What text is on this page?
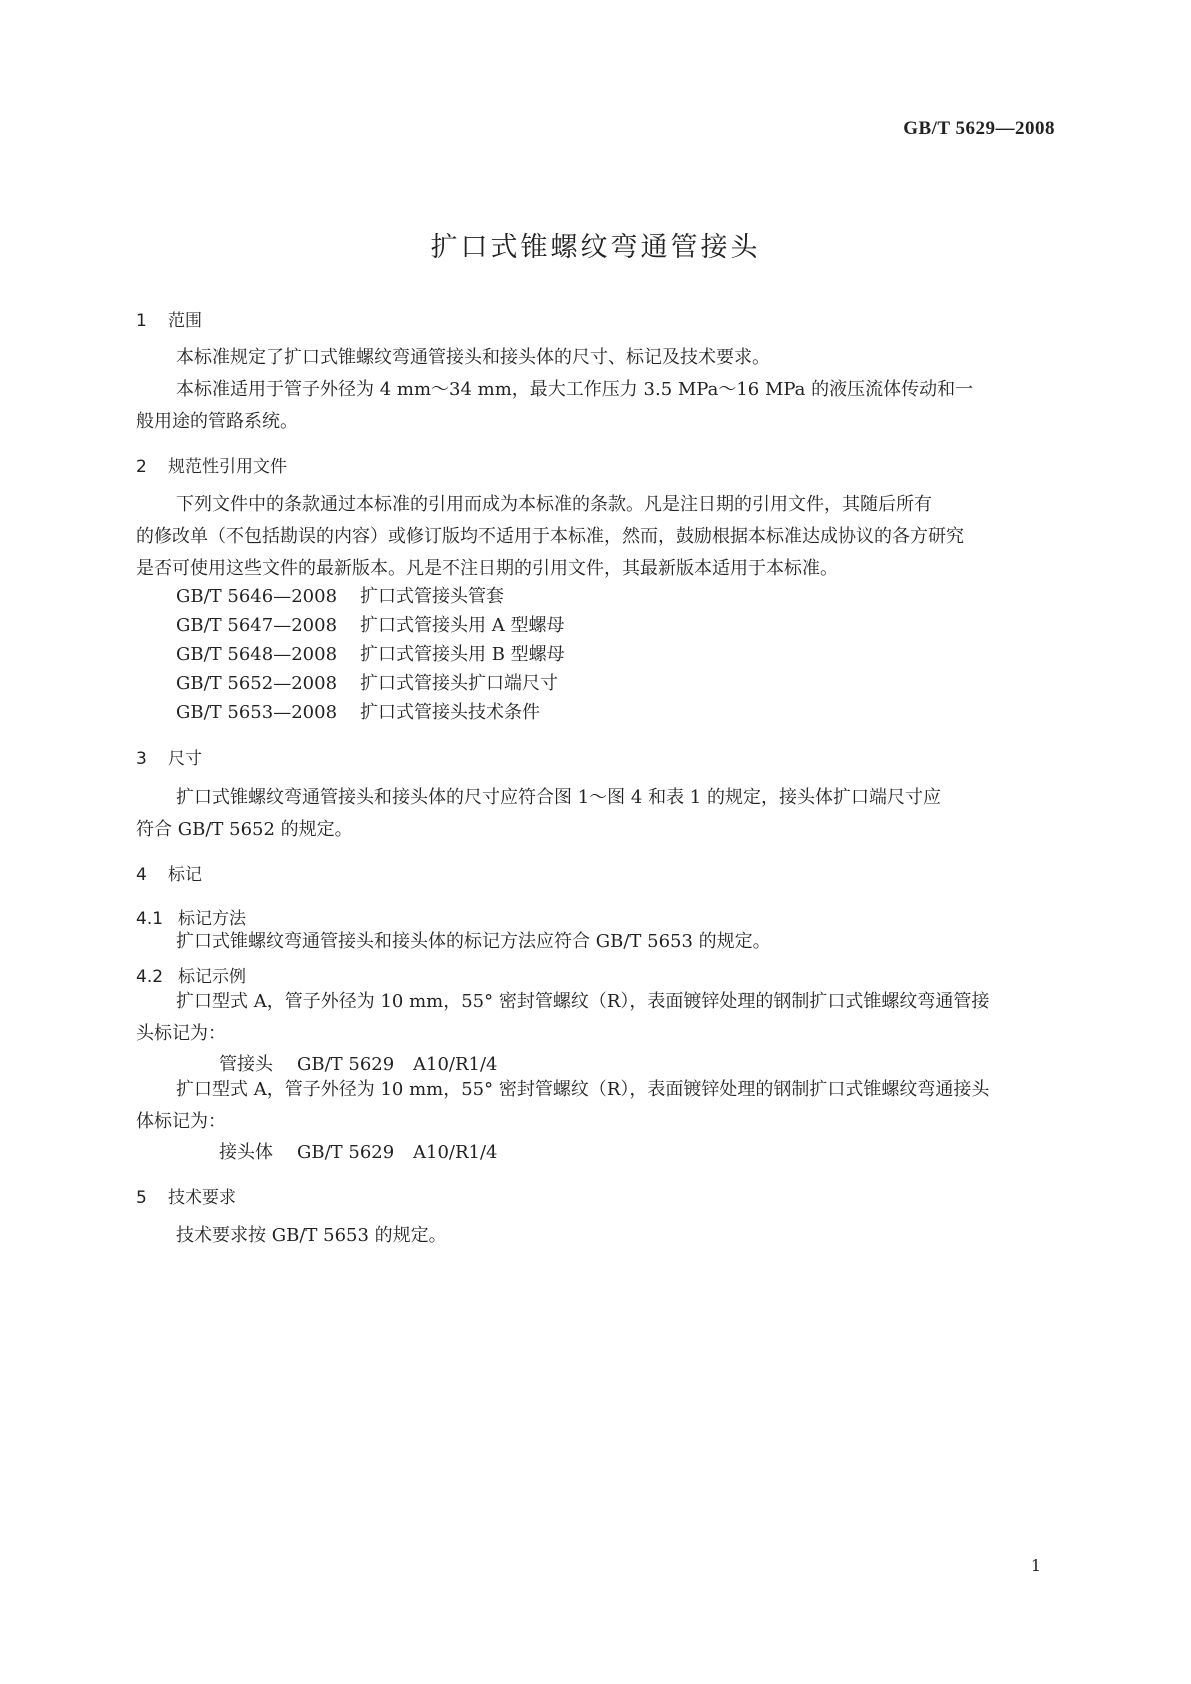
GB/T 5629—2008
扩口式锥螺纹弯通管接头
1 范围
本标准规定了扩口式锥螺纹弯通管接头和接头体的尺寸、标记及技术要求。
本标准适用于管子外径为 4 mm～34 mm，最大工作压力 3.5 MPa～16 MPa 的液压流体传动和一
般用途的管路系统。
2 规范性引用文件
下列文件中的条款通过本标准的引用而成为本标准的条款。凡是注日期的引用文件，其随后所有
的修改单（不包括勘误的内容）或修订版均不适用于本标准，然而，鼓励根据本标准达成协议的各方研究
是否可使用这些文件的最新版本。凡是不注日期的引用文件，其最新版本适用于本标准。
GB/T 5646—2008 扩口式管接头管套
GB/T 5647—2008 扩口式管接头用 A 型螺母
GB/T 5648—2008 扩口式管接头用 B 型螺母
GB/T 5652—2008 扩口式管接头扩口端尺寸
GB/T 5653—2008 扩口式管接头技术条件
3 尺寸
扩口式锥螺纹弯通管接头和接头体的尺寸应符合图 1～图 4 和表 1 的规定，接头体扩口端尺寸应
符合 GB/T 5652 的规定。
4 标记
4.1 标记方法
扩口式锥螺纹弯通管接头和接头体的标记方法应符合 GB/T 5653 的规定。
4.2 标记示例
扩口型式 A，管子外径为 10 mm，55° 密封管螺纹（R），表面镀锌处理的钢制扩口式锥螺纹弯通管接
头标记为：
管接头 GB/T 5629 A10/R1/4
扩口型式 A，管子外径为 10 mm，55° 密封管螺纹（R），表面镀锌处理的钢制扩口式锥螺纹弯通接头
体标记为：
接头体 GB/T 5629 A10/R1/4
5 技术要求
技术要求按 GB/T 5653 的规定。
1
